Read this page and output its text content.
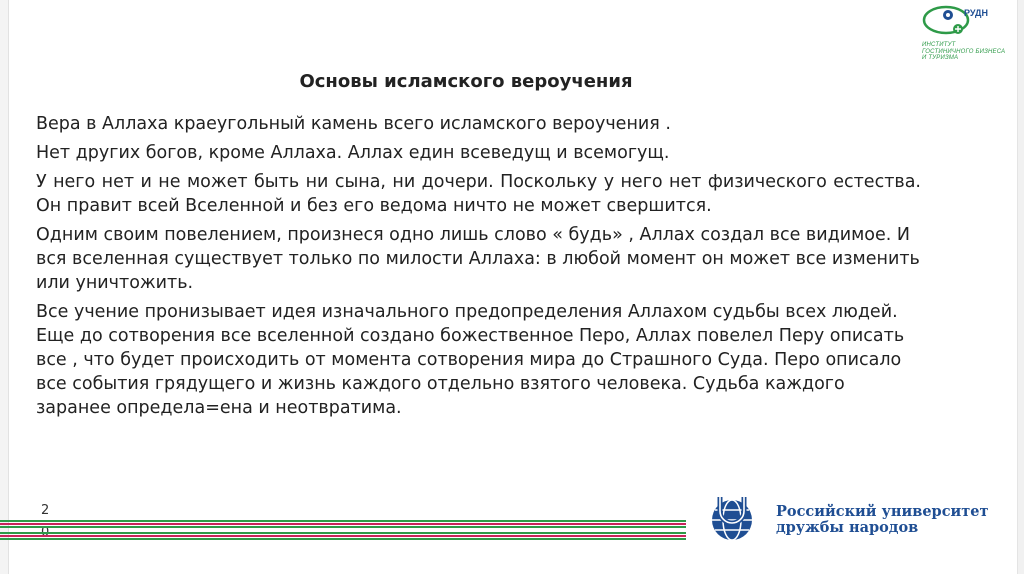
РУДН
ИНСТИТУТ
ГОСТИНИЧНОГО БИЗНЕСА
И ТУРИЗМА
Основы исламского вероучения

Вера в Аллаха краеугольный камень всего исламского вероучения .

Нет других богов, кроме Аллаха. Аллах един всеведущ и всемогущ.

У него нет и не может быть ни сына, ни дочери. Поскольку у него нет физического естества. Он правит всей Вселенной и без его ведома ничто не может свершится.

Одним своим повелением, произнеся одно лишь слово « будь» , Аллах создал все видимое. И вся вселенная существует только по милости Аллаха: в любой момент он может все изменить или уничтожить.

Все учение пронизывает идея изначального предопределения Аллахом судьбы всех людей. Еще до сотворения все вселенной создано божественное Перо, Аллах повелел Перу описать все , что будет происходить от момента сотворения мира до Страшного Суда. Перо описало все события грядущего и жизнь каждого отдельно взятого человека. Судьба каждого заранее определа=ена и неотвратима.

2	Российский университет
дружбы народов
